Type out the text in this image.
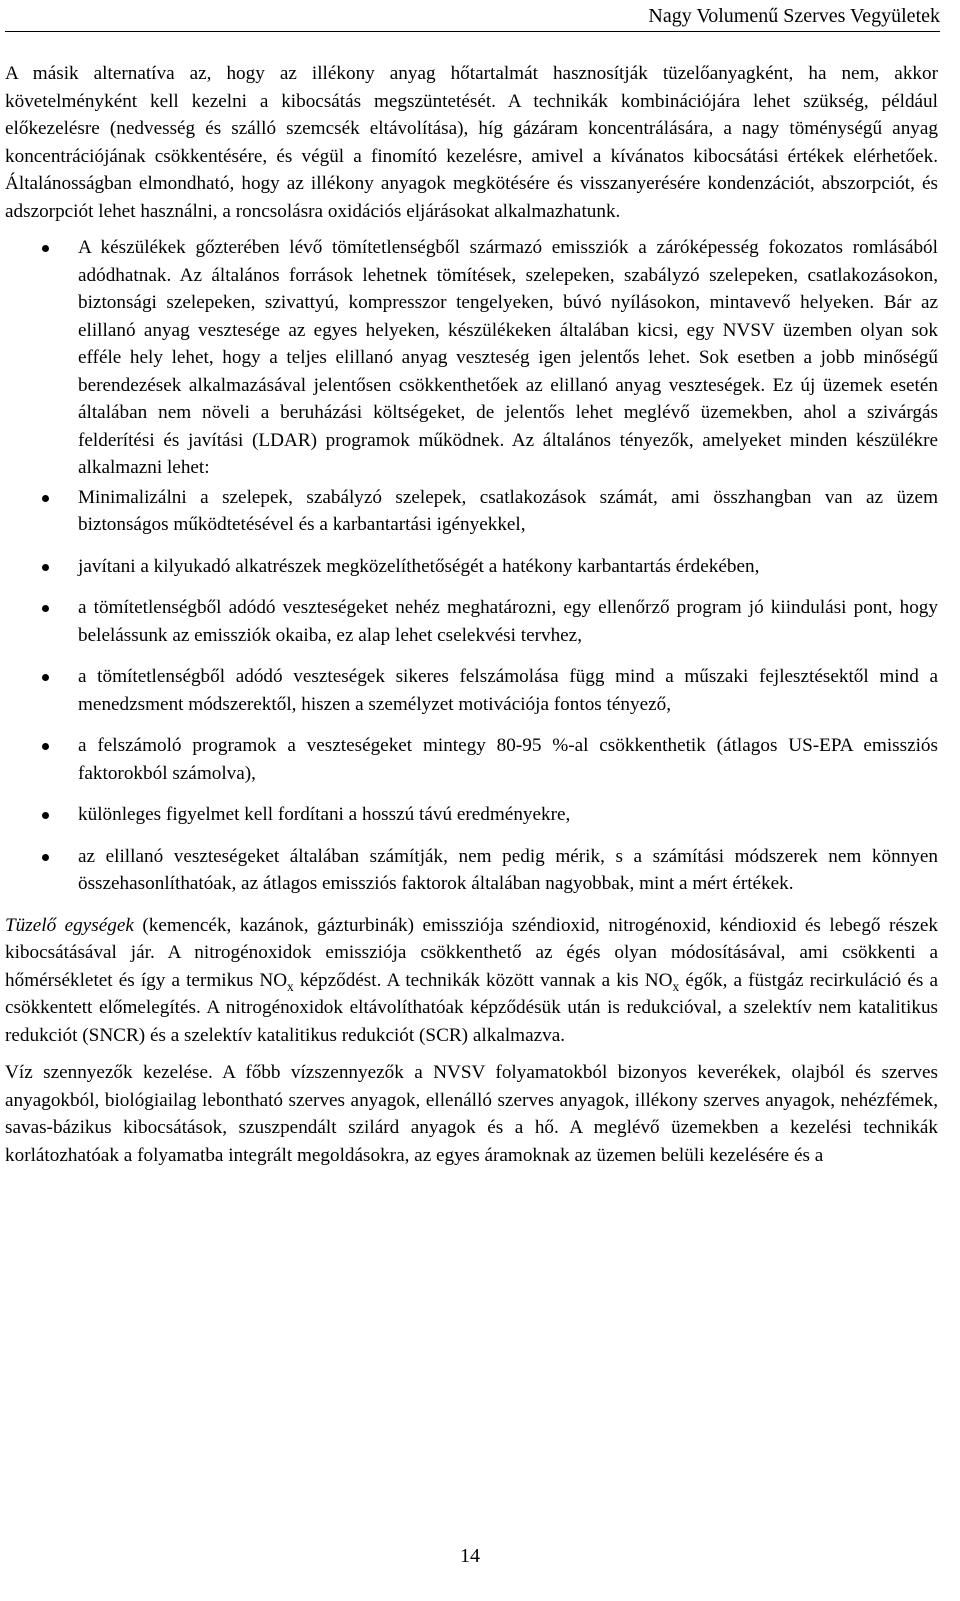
Nagy Volumenű Szerves Vegyületek

A másik alternatíva az, hogy az illékony anyag hőtartalmát hasznosítják tüzelőanyagként, ha nem, akkor követelményként kell kezelni a kibocsátás megszüntetését. A technikák kombinációjára lehet szükség, például előkezelésre (nedvesség és szálló szemcsék eltávolítása), híg gázáram koncentrálására, a nagy töménységű anyag koncentrációjának csökkentésére, és végül a finomító kezelésre, amivel a kívánatos kibocsátási értékek elérhetőek. Általánosságban elmondható, hogy az illékony anyagok megkötésére és visszanyerésére kondenzációt, abszorpciót, és adszorpciót lehet használni, a roncsolásra oxidációs eljárásokat alkalmazhatunk.

A készülékek gőzterében lévő tömítetlenségből származó emissziók a záróképesség fokozatos romlásából adódhatnak. Az általános források lehetnek tömítések, szelepeken, szabályzó szelepeken, csatlakozásokon, biztonsági szelepeken, szivattyú, kompresszor tengelyeken, búvó nyílásokon, mintavevő helyeken. Bár az elillanó anyag vesztesége az egyes helyeken, készülékeken általában kicsi, egy NVSV üzemben olyan sok efféle hely lehet, hogy a teljes elillanó anyag veszteség igen jelentős lehet. Sok esetben a jobb minőségű berendezések alkalmazásával jelentősen csökkenthetőek az elillanó anyag veszteségek. Ez új üzemek esetén általában nem növeli a beruházási költségeket, de jelentős lehet meglévő üzemekben, ahol a szivárgás felderítési és javítási (LDAR) programok működnek. Az általános tényezők, amelyeket minden készülékre alkalmazni lehet:
Minimalizálni a szelepek, szabályzó szelepek, csatlakozások számát, ami összhangban van az üzem biztonságos működtetésével és a karbantartási igényekkel,
javítani a kilyukadó alkatrészek megközelíthetőségét a hatékony karbantartás érdekében,
a tömítetlenségből adódó veszteségeket nehéz meghatározni, egy ellenőrző program jó kiindulási pont, hogy belelássunk az emissziók okaiba, ez alap lehet cselekvési tervhez,
a tömítetlenségből adódó veszteségek sikeres felszámolása függ mind a műszaki fejlesztésektől mind a menedzsment módszerektől, hiszen a személyzet motivációja fontos tényező,
a felszámoló programok a veszteségeket mintegy 80-95 %-al csökkenthetik (átlagos US-EPA emissziós faktorokból számolva),
különleges figyelmet kell fordítani a hosszú távú eredményekre,
az elillanó veszteségeket általában számítják, nem pedig mérik, s a számítási módszerek nem könnyen összehasonlíthatóak, az átlagos emissziós faktorok általában nagyobbak, mint a mért értékek.

Tüzelő egységek (kemencék, kazánok, gázturbinák) emissziója széndioxid, nitrogénoxid, kéndioxid és lebegő részek kibocsátásával jár. A nitrogénoxidok emissziója csökkenthető az égés olyan módosításával, ami csökkenti a hőmérsékletet és így a termikus $NO_x$ képződést. A technikák között vannak a kis $NO_x$ égők, a füstgáz recirkuláció és a csökkentett előmelegítés. A nitrogénoxidok eltávolíthatóak képződésük után is redukcióval, a szelektív nem katalitikus redukciót (SNCR) és a szelektív katalitikus redukciót (SCR) alkalmazva.

Víz szennyezők kezelése. A főbb vízszennyezők a NVSV folyamatokból bizonyos keverékek, olajból és szerves anyagokból, biológiailag lebontható szerves anyagok, ellenálló szerves anyagok, illékony szerves anyagok, nehézfémek, savas-bázikus kibocsátások, szuszpendált szilárd anyagok és a hő. A meglévő üzemekben a kezelési technikák korlátozhatóak a folyamatba integrált megoldásokra, az egyes áramoknak az üzemen belüli kezelésére és a

14
